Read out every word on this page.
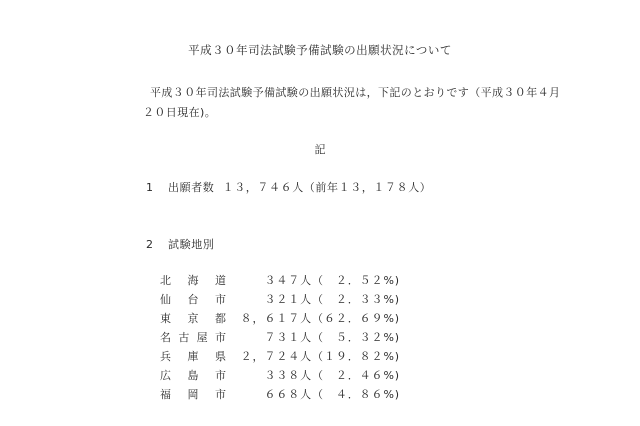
平成３０年司法試験予備試験の出願状況について
平成３０年司法試験予備試験の出願状況は，下記のとおりです（平成３０年４月
２０日現在)。
記
1 出願者数 １３，７４６人（前年１３，１７８人）
2 試験地別
北 海 道	３４７人（　２．５２%)
仙 台 市	３２１人（　２．３３%)
東 京 都 ８，６１７人（６２．６９%)
名 古 屋 市	７３１人（　５．３２%)
兵 庫 県 ２，７２４人（１９．８２%)
広 島 市	３３８人（　２．４６%)
福 岡 市	６６８人（　４．８６%)
